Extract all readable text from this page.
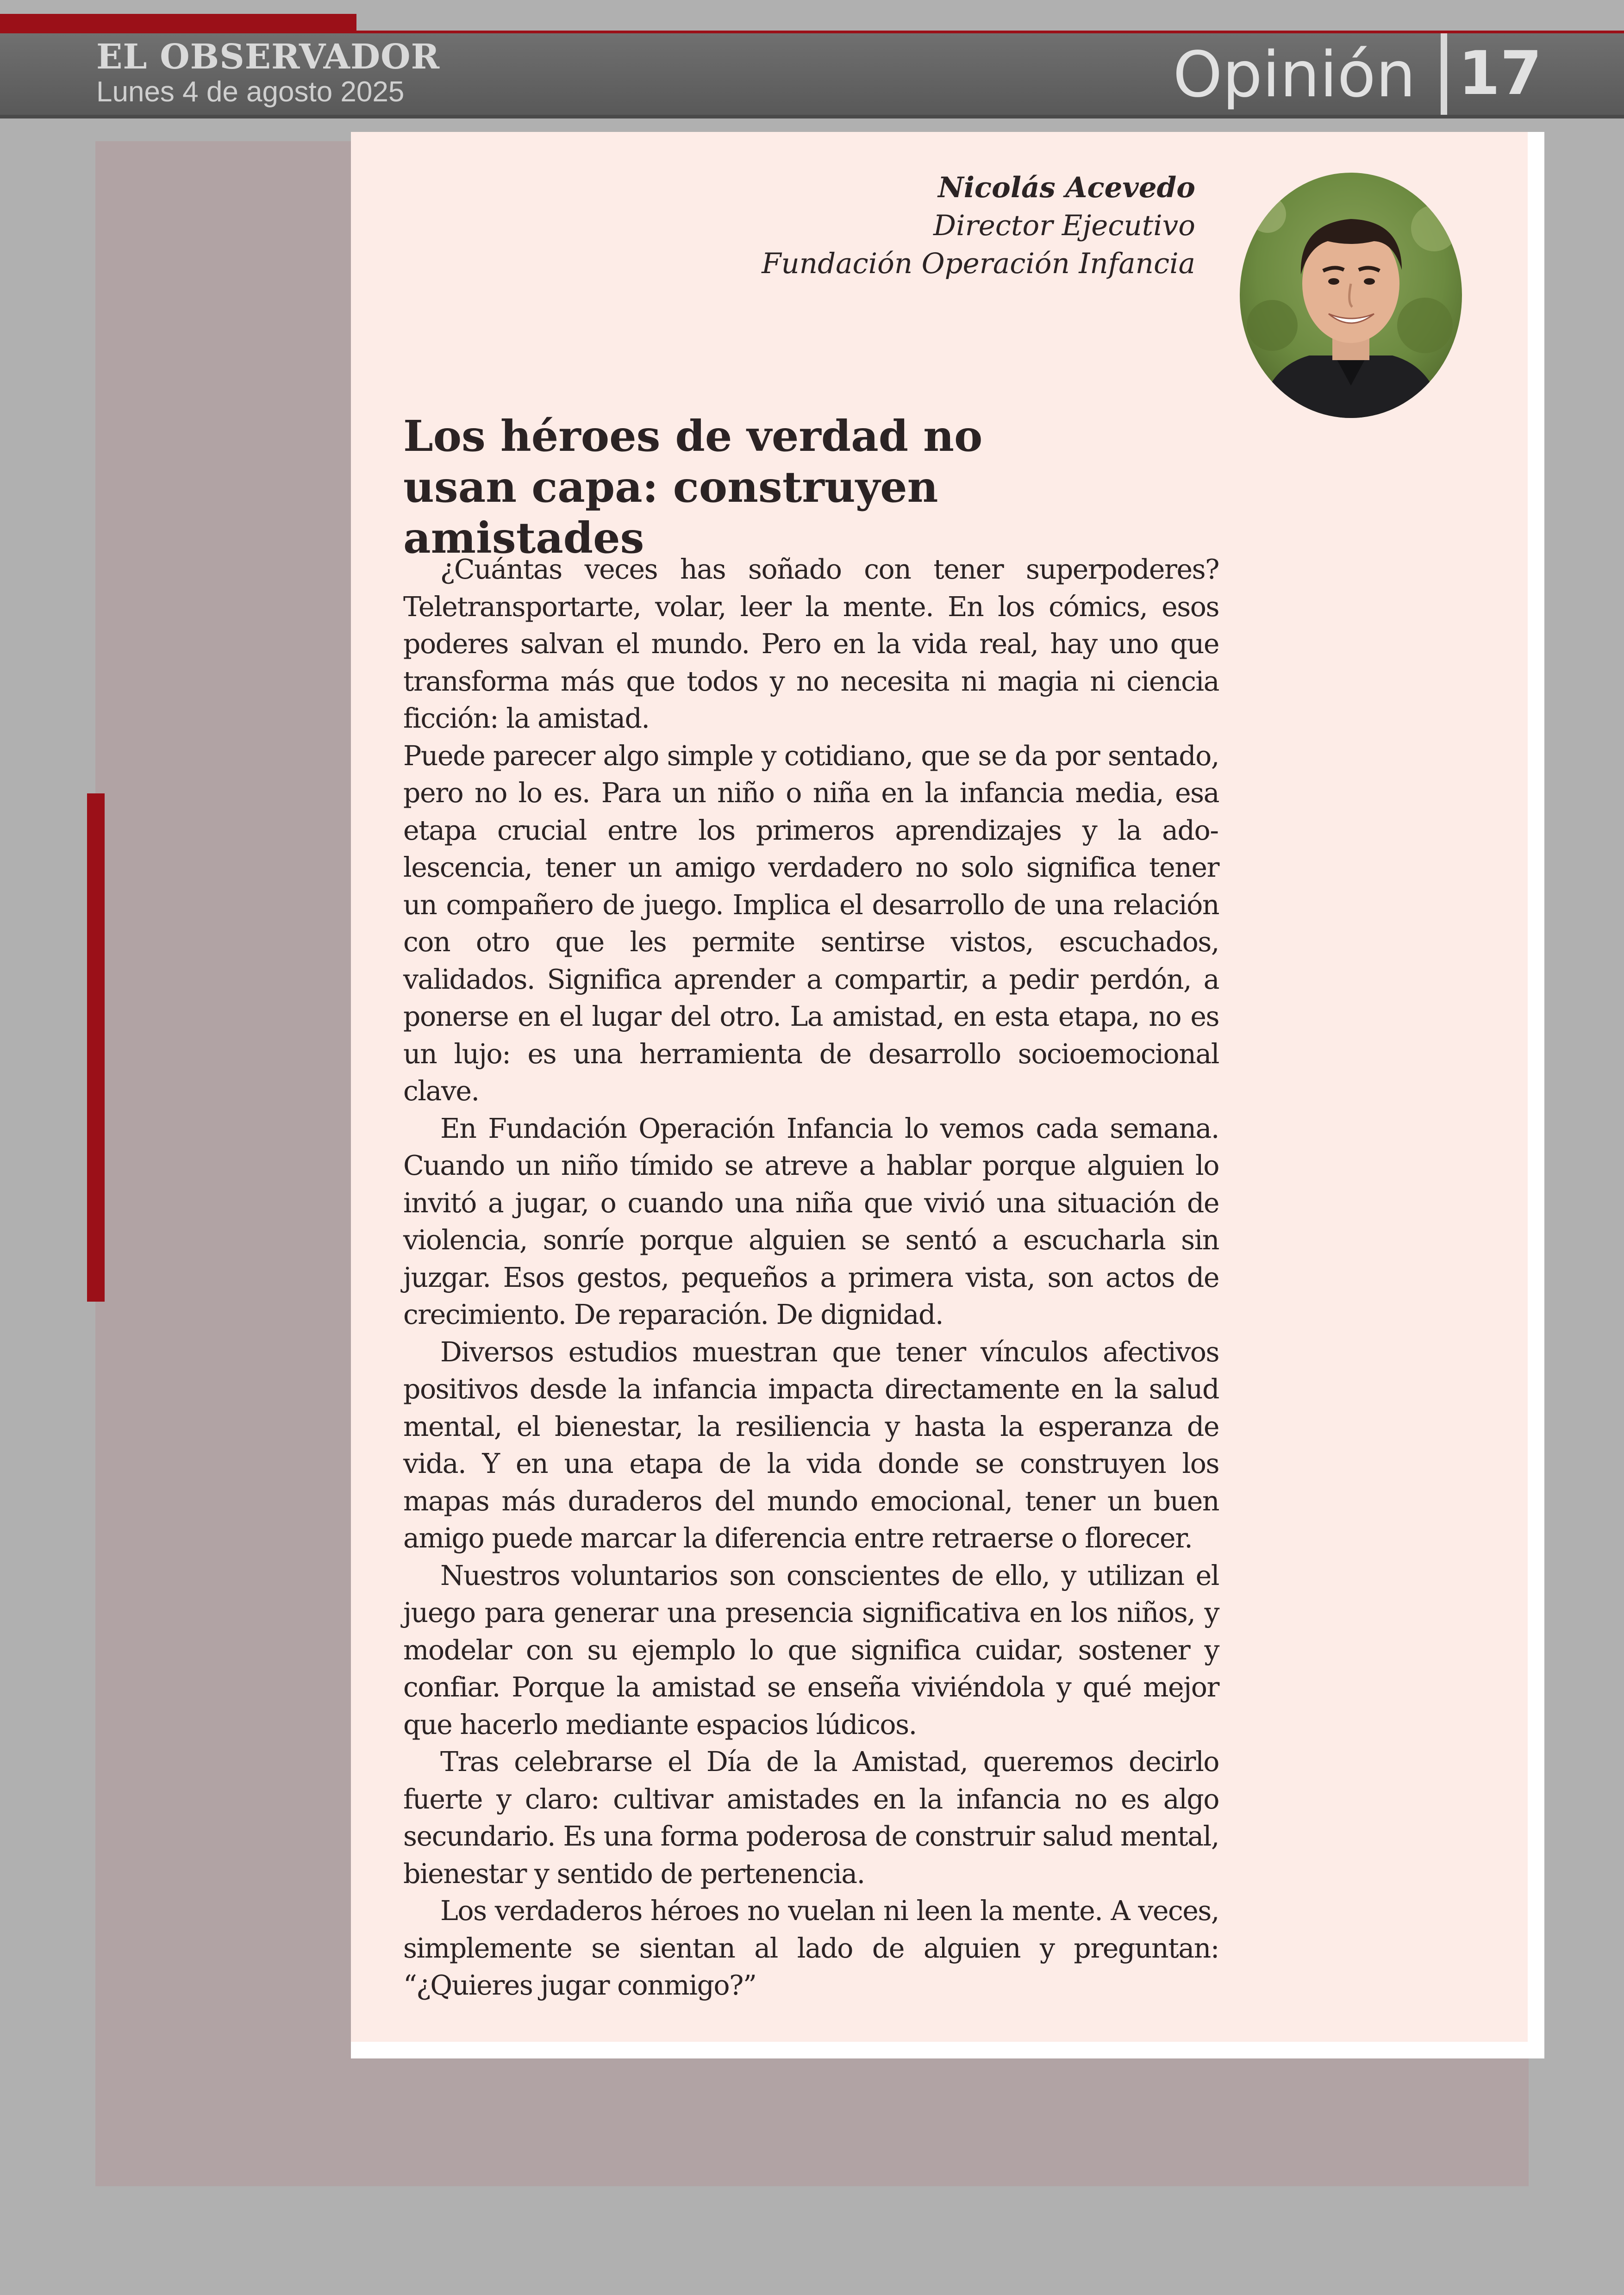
EL OBSERVADOR
Lunes 4 de agosto 2025	Opinión 17
Nicolás Acevedo
Director Ejecutivo
Fundación Operación Infancia
Los héroes de verdad no usan capa: construyen amistades

¿Cuántas veces has soñado con tener superpoderes? Teletransportarte, volar, leer la mente. En los cómics, esos poderes salvan el mundo. Pero en la vida real, hay uno que transforma más que todos y no necesita ni magia ni ciencia ficción: la amistad.

Puede parecer algo simple y cotidiano, que se da por sentado, pero no lo es. Para un niño o niña en la infancia media, esa etapa crucial entre los primeros aprendizajes y la adolescencia, tener un amigo verdadero no solo significa tener un compañero de juego. Implica el desarrollo de una relación con otro que les permite sentirse vistos, escuchados, validados. Significa aprender a compartir, a pedir perdón, a ponerse en el lugar del otro. La amistad, en esta etapa, no es un lujo: es una herramienta de desarrollo socioemocional clave.

En Fundación Operación Infancia lo vemos cada semana. Cuando un niño tímido se atreve a hablar porque alguien lo invitó a jugar, o cuando una niña que vivió una situación de violencia, sonríe porque alguien se sentó a escucharla sin juzgar. Esos gestos, pequeños a primera vista, son actos de crecimiento. De reparación. De dignidad.

Diversos estudios muestran que tener vínculos afectivos positivos desde la infancia impacta directamente en la salud mental, el bienestar, la resiliencia y hasta la esperanza de vida. Y en una etapa de la vida donde se construyen los mapas más duraderos del mundo emocional, tener un buen amigo puede marcar la diferencia entre retraerse o florecer.

Nuestros voluntarios son conscientes de ello, y utilizan el juego para generar una presencia significativa en los niños, y modelar con su ejemplo lo que significa cuidar, sostener y confiar. Porque la amistad se enseña viviéndola y qué mejor que hacerlo mediante espacios lúdicos.

Tras celebrarse el Día de la Amistad, queremos decirlo fuerte y claro: cultivar amistades en la infancia no es algo secundario. Es una forma poderosa de construir salud mental, bienestar y sentido de pertenencia.

Los verdaderos héroes no vuelan ni leen la mente. A veces, simplemente se sientan al lado de alguien y preguntan: “¿Quieres jugar conmigo?”
